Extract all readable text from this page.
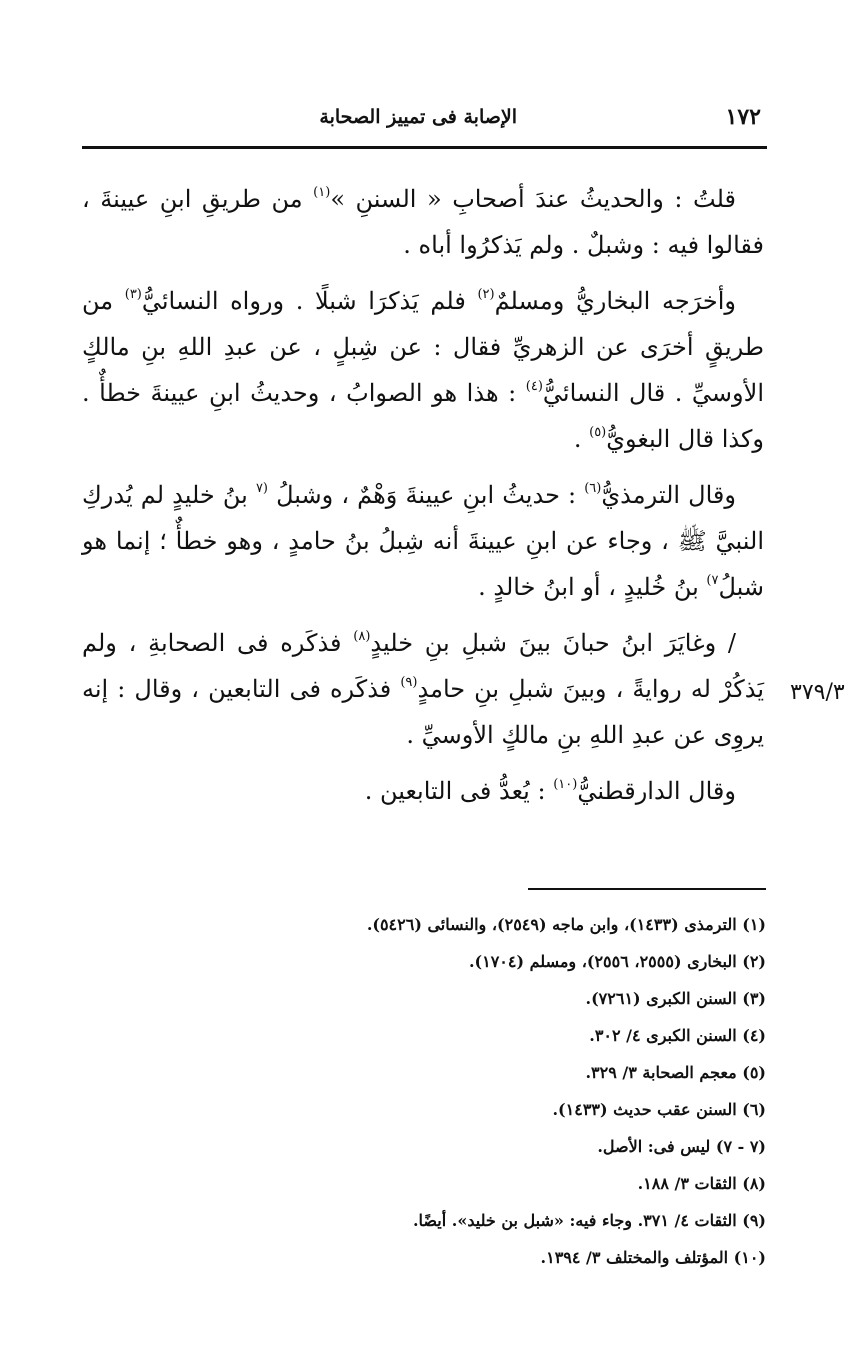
١٧٢
الإصابة فى تمييز الصحابة
٣٧٩/٣

قلتُ : والحديثُ عندَ أصحابِ « السننِ »$^{(١)}$ من طريقِ ابنِ عيينةَ ، فقالوا فيه : وشبلٌ . ولم يَذكرُوا أباه .

وأخرَجه البخاريُّ ومسلمٌ$^{(٢)}$ فلم يَذكرَا شبلًا . ورواه النسائيُّ$^{(٣)}$ من طريقٍ أخرَى عن الزهريِّ فقال : عن شِبلٍ ، عن عبدِ اللهِ بنِ مالكٍ الأوسيِّ . قال النسائيُّ$^{(٤)}$ : هذا هو الصوابُ ، وحديثُ ابنِ عيينةَ خطأٌ . وكذا قال البغويُّ$^{(٥)}$ .

وقال الترمذيُّ$^{(٦)}$ : حديثُ ابنِ عيينةَ وَهْمٌ ، وشبلُ $^{(٧}$ بنُ خليدٍ لم يُدركِ النبيَّ ﷺ ، وجاء عن ابنِ عيينةَ أنه شِبلُ بنُ حامدٍ ، وهو خطأٌ ؛ إنما هو شبلُ$^{٧)}$ بنُ خُليدٍ ، أو ابنُ خالدٍ .

/ وغايَرَ ابنُ حبانَ بينَ شبلِ بنِ خليدٍ$^{(٨)}$ فذكَره فى الصحابةِ ، ولم يَذكُرْ له روايةً ، وبينَ شبلِ بنِ حامدٍ$^{(٩)}$ فذكَره فى التابعين ، وقال : إنه يروِى عن عبدِ اللهِ بنِ مالكٍ الأوسيِّ .

وقال الدارقطنيُّ$^{(١٠)}$ : يُعدُّ فى التابعين .

(١) الترمذى (١٤٣٣)، وابن ماجه (٢٥٤٩)، والنسائى (٥٤٢٦).
(٢) البخارى (٢٥٥٥، ٢٥٥٦)، ومسلم (١٧٠٤).
(٣) السنن الكبرى (٧٢٦١).
(٤) السنن الكبرى ٤/ ٣٠٢.
(٥) معجم الصحابة ٣/ ٣٢٩.
(٦) السنن عقب حديث (١٤٣٣).
(٧ - ٧) ليس فى: الأصل.
(٨) الثقات ٣/ ١٨٨.
(٩) الثقات ٤/ ٣٧١. وجاء فيه: «شبل بن خليد». أيضًا.
(١٠) المؤتلف والمختلف ٣/ ١٣٩٤.
